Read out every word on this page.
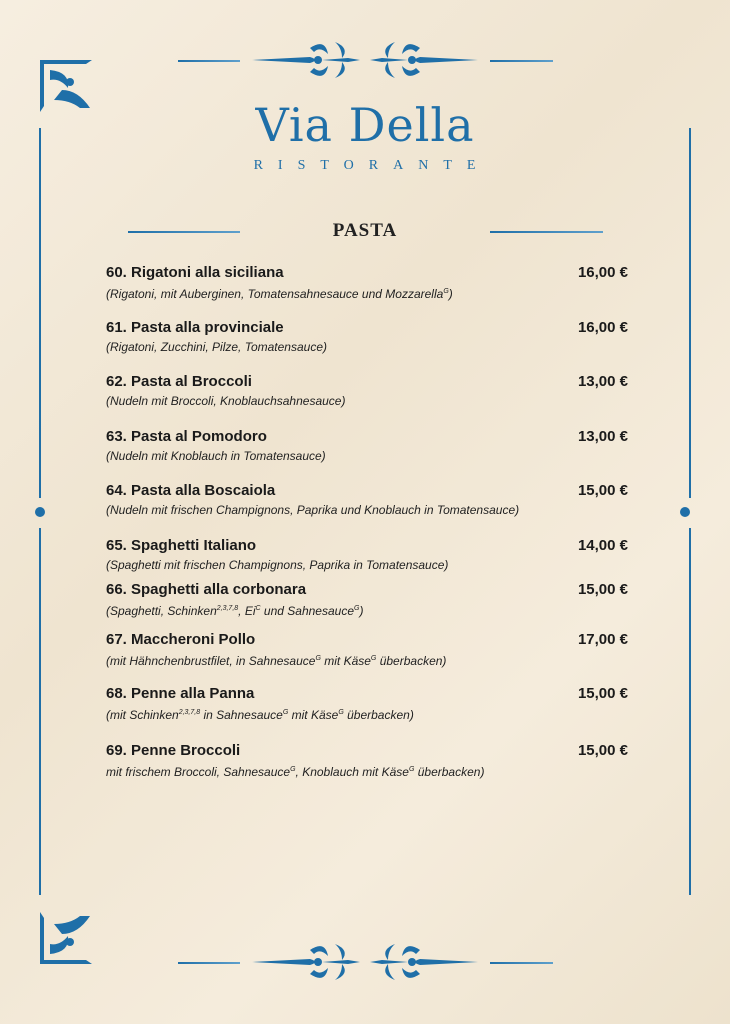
Via Della
RISTORANTE
PASTA
60. Rigatoni alla siciliana	16,00 €
(Rigatoni, mit Auberginen, Tomatensahnesauce und Mozzarella$^G$)
61. Pasta alla provinciale	16,00 €
(Rigatoni, Zucchini, Pilze, Tomatensauce)
62. Pasta al Broccoli	13,00 €
(Nudeln mit Broccoli, Knoblauchsahnesauce)
63. Pasta al Pomodoro	13,00 €
(Nudeln mit Knoblauch in Tomatensauce)
64. Pasta alla Boscaiola	15,00 €
(Nudeln mit frischen Champignons, Paprika und Knoblauch in Tomatensauce)
65. Spaghetti Italiano	14,00 €
(Spaghetti mit frischen Champignons, Paprika in Tomatensauce)
66. Spaghetti alla corbonara	15,00 €
(Spaghetti, Schinken$^{2,3,7,8}$, $Ei^C$ und Sahnesauce$^G$)
67. Maccheroni Pollo	17,00 €
(mit Hähnchenbrustfilet, in Sahnesauce$^G$ mit Käse$^G$ überbacken)
68. Penne alla Panna	15,00 €
(mit Schinken$^{2,3,7,8}$ in Sahnesauce$^G$ mit Käse$^G$ überbacken)
69. Penne Broccoli	15,00 €
mit frischem Broccoli, Sahnesauce$^G$, Knoblauch mit Käse$^G$ überbacken)
